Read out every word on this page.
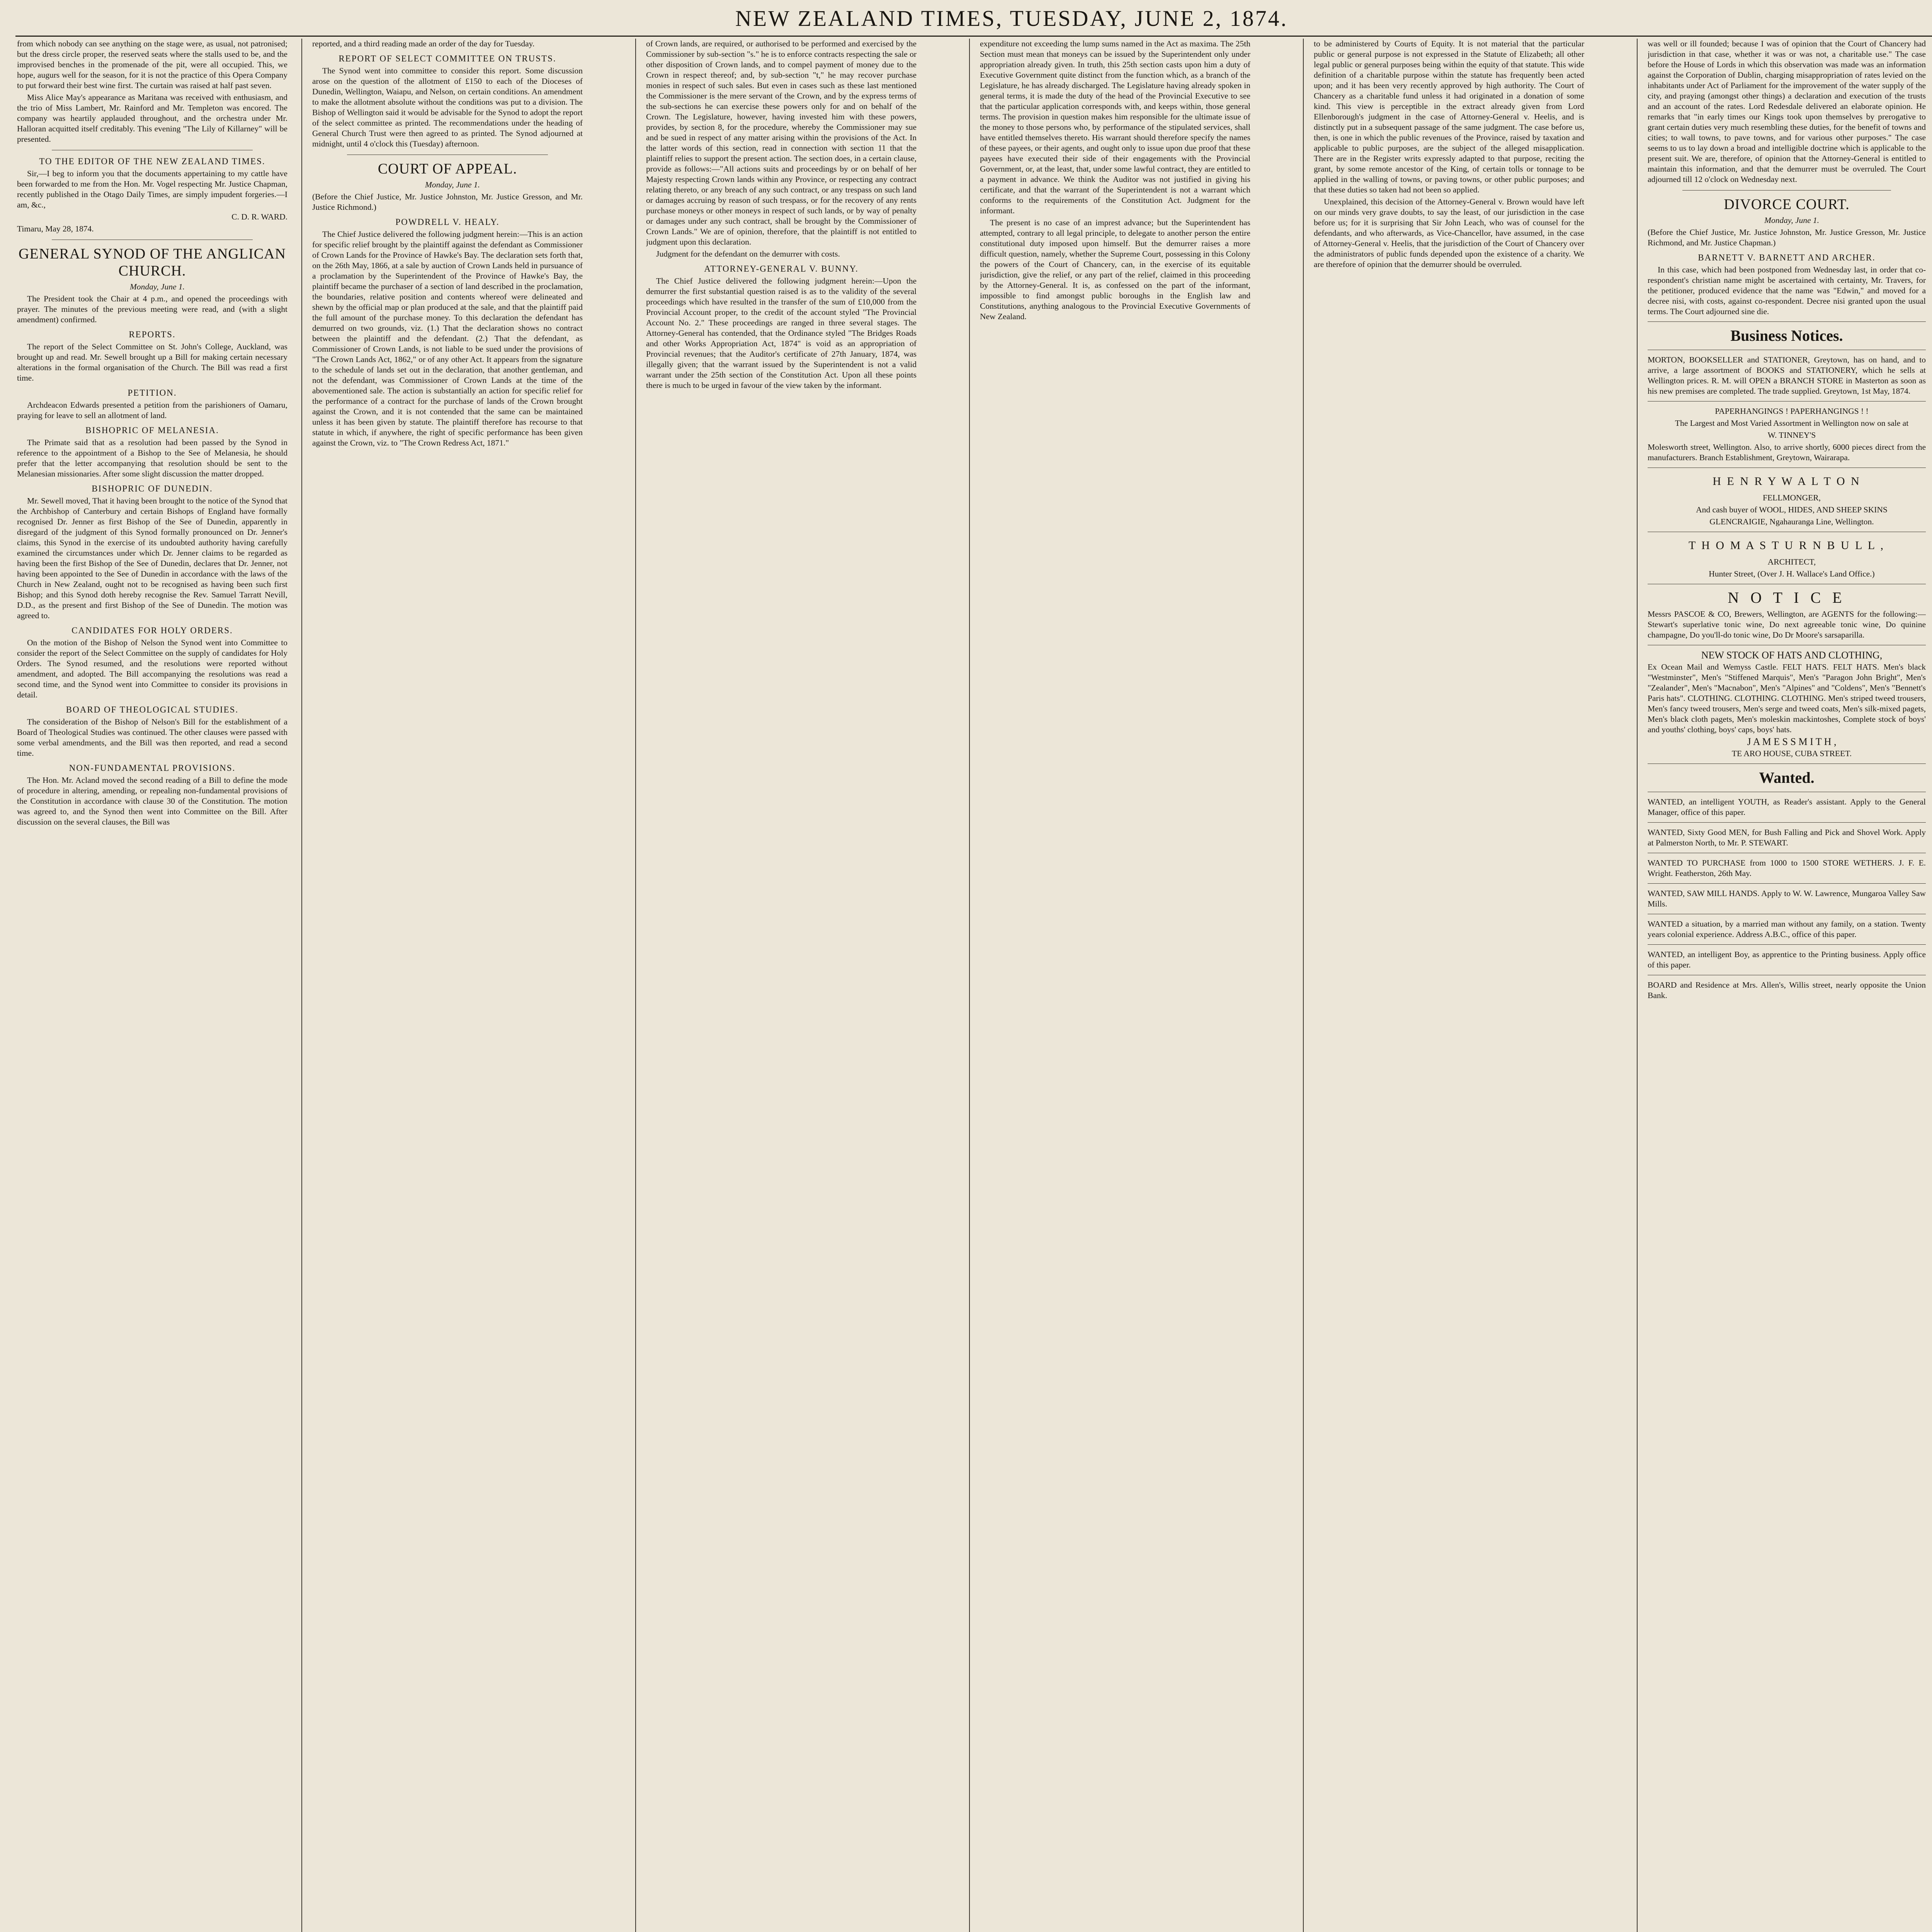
NEW ZEALAND TIMES, TUESDAY, JUNE 2, 1874.

from which nobody can see anything on the stage were, as usual, not patronised; but the dress circle proper, the reserved seats where the stalls used to be, and the improvised benches in the promenade of the pit, were all occupied. This, we hope, augurs well for the season, for it is not the practice of this Opera Company to put forward their best wine first. The curtain was raised at half past seven.

Miss Alice May's appearance as Maritana was received with enthusiasm, and the trio of Miss Lambert, Mr. Rainford and Mr. Templeton was encored. The company was heartily applauded throughout, and the orchestra under Mr. Halloran acquitted itself creditably. This evening "The Lily of Killarney" will be presented.

TO THE EDITOR OF THE NEW ZEALAND TIMES.

Sir,—I beg to inform you that the documents appertaining to my cattle have been forwarded to me from the Hon. Mr. Vogel respecting Mr. Justice Chapman, recently published in the Otago Daily Times, are simply impudent forgeries.—I am, &c.,

C. D. R. WARD.

Timaru, May 28, 1874.

GENERAL SYNOD OF THE ANGLICAN CHURCH.

Monday, June 1.

The President took the Chair at 4 p.m., and opened the proceedings with prayer. The minutes of the previous meeting were read, and (with a slight amendment) confirmed.

REPORTS.

The report of the Select Committee on St. John's College, Auckland, was brought up and read. Mr. Sewell brought up a Bill for making certain necessary alterations in the formal organisation of the Church. The Bill was read a first time.

PETITION.

Archdeacon Edwards presented a petition from the parishioners of Oamaru, praying for leave to sell an allotment of land.

BISHOPRIC OF MELANESIA.

The Primate said that as a resolution had been passed by the Synod in reference to the appointment of a Bishop to the See of Melanesia, he should prefer that the letter accompanying that resolution should be sent to the Melanesian missionaries. After some slight discussion the matter dropped.

BISHOPRIC OF DUNEDIN.

Mr. Sewell moved, That it having been brought to the notice of the Synod that the Archbishop of Canterbury and certain Bishops of England have formally recognised Dr. Jenner as first Bishop of the See of Dunedin, apparently in disregard of the judgment of this Synod formally pronounced on Dr. Jenner's claims, this Synod in the exercise of its undoubted authority having carefully examined the circumstances under which Dr. Jenner claims to be regarded as having been the first Bishop of the See of Dunedin, declares that Dr. Jenner, not having been appointed to the See of Dunedin in accordance with the laws of the Church in New Zealand, ought not to be recognised as having been such first Bishop; and this Synod doth hereby recognise the Rev. Samuel Tarratt Nevill, D.D., as the present and first Bishop of the See of Dunedin. The motion was agreed to.

CANDIDATES FOR HOLY ORDERS.

On the motion of the Bishop of Nelson the Synod went into Committee to consider the report of the Select Committee on the supply of candidates for Holy Orders. The Synod resumed, and the resolutions were reported without amendment, and adopted. The Bill accompanying the resolutions was read a second time, and the Synod went into Committee to consider its provisions in detail.

BOARD OF THEOLOGICAL STUDIES.

The consideration of the Bishop of Nelson's Bill for the establishment of a Board of Theological Studies was continued. The other clauses were passed with some verbal amendments, and the Bill was then reported, and read a second time.

NON-FUNDAMENTAL PROVISIONS.

The Hon. Mr. Acland moved the second reading of a Bill to define the mode of procedure in altering, amending, or repealing non-fundamental provisions of the Constitution in accordance with clause 30 of the Constitution. The motion was agreed to, and the Synod then went into Committee on the Bill. After discussion on the several clauses, the Bill was

reported, and a third reading made an order of the day for Tuesday.

REPORT OF SELECT COMMITTEE ON TRUSTS.

The Synod went into committee to consider this report. Some discussion arose on the question of the allotment of £150 to each of the Dioceses of Dunedin, Wellington, Waiapu, and Nelson, on certain conditions. An amendment to make the allotment absolute without the conditions was put to a division. The Bishop of Wellington said it would be advisable for the Synod to adopt the report of the select committee as printed. The recommendations under the heading of General Church Trust were then agreed to as printed. The Synod adjourned at midnight, until 4 o'clock this (Tuesday) afternoon.

COURT OF APPEAL.

Monday, June 1.

(Before the Chief Justice, Mr. Justice Johnston, Mr. Justice Gresson, and Mr. Justice Richmond.)

POWDRELL V. HEALY.

The Chief Justice delivered the following judgment herein:—This is an action for specific relief brought by the plaintiff against the defendant as Commissioner of Crown Lands for the Province of Hawke's Bay. The declaration sets forth that, on the 26th May, 1866, at a sale by auction of Crown Lands held in pursuance of a proclamation by the Superintendent of the Province of Hawke's Bay, the plaintiff became the purchaser of a section of land described in the proclamation, the boundaries, relative position and contents whereof were delineated and shewn by the official map or plan produced at the sale, and that the plaintiff paid the full amount of the purchase money. To this declaration the defendant has demurred on two grounds, viz. (1.) That the declaration shows no contract between the plaintiff and the defendant. (2.) That the defendant, as Commissioner of Crown Lands, is not liable to be sued under the provisions of "The Crown Lands Act, 1862," or of any other Act. It appears from the signature to the schedule of lands set out in the declaration, that another gentleman, and not the defendant, was Commissioner of Crown Lands at the time of the abovementioned sale. The action is substantially an action for specific relief for the performance of a contract for the purchase of lands of the Crown brought against the Crown, and it is not contended that the same can be maintained unless it has been given by statute. The plaintiff therefore has recourse to that statute in which, if anywhere, the right of specific performance has been given against the Crown, viz. to "The Crown Redress Act, 1871."

of Crown lands, are required, or authorised to be performed and exercised by the Commissioner by sub-section "s." he is to enforce contracts respecting the sale or other disposition of Crown lands, and to compel payment of money due to the Crown in respect thereof; and, by sub-section "t," he may recover purchase monies in respect of such sales. But even in cases such as these last mentioned the Commissioner is the mere servant of the Crown, and by the express terms of the sub-sections he can exercise these powers only for and on behalf of the Crown. The Legislature, however, having invested him with these powers, provides, by section 8, for the procedure, whereby the Commissioner may sue and be sued in respect of any matter arising within the provisions of the Act. In the latter words of this section, read in connection with section 11 that the plaintiff relies to support the present action. The section does, in a certain clause, provide as follows:—"All actions suits and proceedings by or on behalf of her Majesty respecting Crown lands within any Province, or respecting any contract relating thereto, or any breach of any such contract, or any trespass on such land or damages accruing by reason of such trespass, or for the recovery of any rents purchase moneys or other moneys in respect of such lands, or by way of penalty or damages under any such contract, shall be brought by the Commissioner of Crown Lands." We are of opinion, therefore, that the plaintiff is not entitled to judgment upon this declaration.

Judgment for the defendant on the demurrer with costs.

ATTORNEY-GENERAL V. BUNNY.

The Chief Justice delivered the following judgment herein:—Upon the demurrer the first substantial question raised is as to the validity of the several proceedings which have resulted in the transfer of the sum of £10,000 from the Provincial Account proper, to the credit of the account styled "The Provincial Account No. 2." These proceedings are ranged in three several stages. The Attorney-General has contended, that the Ordinance styled "The Bridges Roads and other Works Appropriation Act, 1874" is void as an appropriation of Provincial revenues; that the Auditor's certificate of 27th January, 1874, was illegally given; that the warrant issued by the Superintendent is not a valid warrant under the 25th section of the Constitution Act. Upon all these points there is much to be urged in favour of the view taken by the informant.

expenditure not exceeding the lump sums named in the Act as maxima. The 25th Section must mean that moneys can be issued by the Superintendent only under appropriation already given. In truth, this 25th section casts upon him a duty of Executive Government quite distinct from the function which, as a branch of the Legislature, he has already discharged. The Legislature having already spoken in general terms, it is made the duty of the head of the Provincial Executive to see that the particular application corresponds with, and keeps within, those general terms. The provision in question makes him responsible for the ultimate issue of the money to those persons who, by performance of the stipulated services, shall have entitled themselves thereto. His warrant should therefore specify the names of these payees, or their agents, and ought only to issue upon due proof that these payees have executed their side of their engagements with the Provincial Government, or, at the least, that, under some lawful contract, they are entitled to a payment in advance. We think the Auditor was not justified in giving his certificate, and that the warrant of the Superintendent is not a warrant which conforms to the requirements of the Constitution Act. Judgment for the informant.

The present is no case of an imprest advance; but the Superintendent has attempted, contrary to all legal principle, to delegate to another person the entire constitutional duty imposed upon himself. But the demurrer raises a more difficult question, namely, whether the Supreme Court, possessing in this Colony the powers of the Court of Chancery, can, in the exercise of its equitable jurisdiction, give the relief, or any part of the relief, claimed in this proceeding by the Attorney-General. It is, as confessed on the part of the informant, impossible to find amongst public boroughs in the English law and Constitutions, anything analogous to the Provincial Executive Governments of New Zealand.

to be administered by Courts of Equity. It is not material that the particular public or general purpose is not expressed in the Statute of Elizabeth; all other legal public or general purposes being within the equity of that statute. This wide definition of a charitable purpose within the statute has frequently been acted upon; and it has been very recently approved by high authority. The Court of Chancery as a charitable fund unless it had originated in a donation of some kind. This view is perceptible in the extract already given from Lord Ellenborough's judgment in the case of Attorney-General v. Heelis, and is distinctly put in a subsequent passage of the same judgment. The case before us, then, is one in which the public revenues of the Province, raised by taxation and applicable to public purposes, are the subject of the alleged misapplication. There are in the Register writs expressly adapted to that purpose, reciting the grant, by some remote ancestor of the King, of certain tolls or tonnage to be applied in the walling of towns, or paving towns, or other public purposes; and that these duties so taken had not been so applied.

Unexplained, this decision of the Attorney-General v. Brown would have left on our minds very grave doubts, to say the least, of our jurisdiction in the case before us; for it is surprising that Sir John Leach, who was of counsel for the defendants, and who afterwards, as Vice-Chancellor, have assumed, in the case of Attorney-General v. Heelis, that the jurisdiction of the Court of Chancery over the administrators of public funds depended upon the existence of a charity. We are therefore of opinion that the demurrer should be overruled.

was well or ill founded; because I was of opinion that the Court of Chancery had jurisdiction in that case, whether it was or was not, a charitable use." The case before the House of Lords in which this observation was made was an information against the Corporation of Dublin, charging misappropriation of rates levied on the inhabitants under Act of Parliament for the improvement of the water supply of the city, and praying (amongst other things) a declaration and execution of the trusts and an account of the rates. Lord Redesdale delivered an elaborate opinion. He remarks that "in early times our Kings took upon themselves by prerogative to grant certain duties very much resembling these duties, for the benefit of towns and cities; to wall towns, to pave towns, and for various other purposes." The case seems to us to lay down a broad and intelligible doctrine which is applicable to the present suit. We are, therefore, of opinion that the Attorney-General is entitled to maintain this information, and that the demurrer must be overruled. The Court adjourned till 12 o'clock on Wednesday next.

DIVORCE COURT.

Monday, June 1.

(Before the Chief Justice, Mr. Justice Johnston, Mr. Justice Gresson, Mr. Justice Richmond, and Mr. Justice Chapman.)

BARNETT V. BARNETT AND ARCHER.

In this case, which had been postponed from Wednesday last, in order that co-respondent's christian name might be ascertained with certainty, Mr. Travers, for the petitioner, produced evidence that the name was "Edwin," and moved for a decree nisi, with costs, against co-respondent. Decree nisi granted upon the usual terms. The Court adjourned sine die.

Business Notices.

MORTON, BOOKSELLER and STATIONER, Greytown, has on hand, and to arrive, a large assortment of BOOKS and STATIONERY, which he sells at Wellington prices. R. M. will OPEN a BRANCH STORE in Masterton as soon as his new premises are completed. The trade supplied. Greytown, 1st May, 1874.

PAPERHANGINGS ! PAPERHANGINGS ! !

The Largest and Most Varied Assortment in Wellington now on sale at

W. TINNEY'S

Molesworth street, Wellington. Also, to arrive shortly, 6000 pieces direct from the manufacturers. Branch Establishment, Greytown, Wairarapa.

H E N R Y W A L T O N

FELLMONGER,

And cash buyer of WOOL, HIDES, AND SHEEP SKINS

GLENCRAIGIE, Ngahauranga Line, Wellington.

T H O M A S T U R N B U L L ,

ARCHITECT,

Hunter Street, (Over J. H. Wallace's Land Office.)

N O T I C E

Messrs PASCOE & CO, Brewers, Wellington, are AGENTS for the following:— Stewart's superlative tonic wine, Do next agreeable tonic wine, Do quinine champagne, Do you'll-do tonic wine, Do Dr Moore's sarsaparilla.

NEW STOCK OF HATS AND CLOTHING,

Ex Ocean Mail and Wemyss Castle. FELT HATS. FELT HATS. Men's black "Westminster", Men's "Stiffened Marquis", Men's "Paragon John Bright", Men's "Zealander", Men's "Macnabon", Men's "Alpines" and "Coldens", Men's "Bennett's Paris hats". CLOTHING. CLOTHING. CLOTHING. Men's striped tweed trousers, Men's fancy tweed trousers, Men's serge and tweed coats, Men's silk-mixed pagets, Men's black cloth pagets, Men's moleskin mackintoshes, Complete stock of boys' and youths' clothing, boys' caps, boys' hats.

J A M E S S M I T H ,

TE ARO HOUSE, CUBA STREET.

Wanted.

WANTED, an intelligent YOUTH, as Reader's assistant. Apply to the General Manager, office of this paper.

WANTED, Sixty Good MEN, for Bush Falling and Pick and Shovel Work. Apply at Palmerston North, to Mr. P. STEWART.

WANTED TO PURCHASE from 1000 to 1500 STORE WETHERS. J. F. E. Wright. Featherston, 26th May.

WANTED, SAW MILL HANDS. Apply to W. W. Lawrence, Mungaroa Valley Saw Mills.

WANTED a situation, by a married man without any family, on a station. Twenty years colonial experience. Address A.B.C., office of this paper.

WANTED, an intelligent Boy, as apprentice to the Printing business. Apply office of this paper.

BOARD and Residence at Mrs. Allen's, Willis street, nearly opposite the Union Bank.
